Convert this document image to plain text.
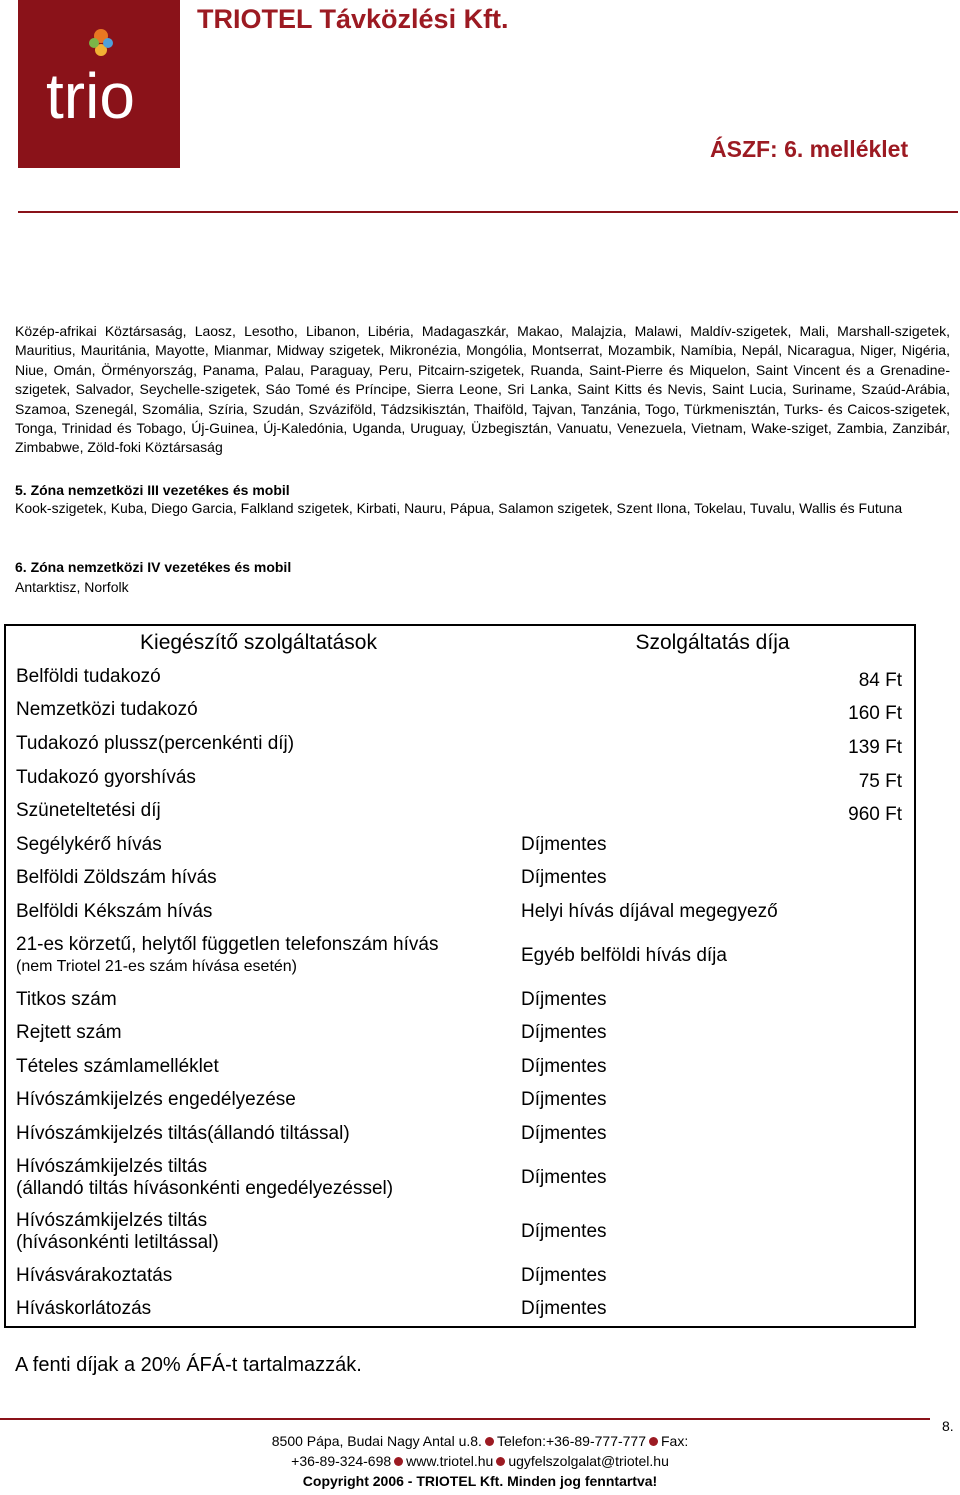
trio
TRIOTEL Távközlési Kft.
ÁSZF: 6. melléklet
Közép-afrikai Köztársaság, Laosz, Lesotho, Libanon, Libéria, Madagaszkár, Makao, Malajzia, Malawi, Maldív-szigetek, Mali, Marshall-szigetek, Mauritius, Mauritánia, Mayotte, Mianmar, Midway szigetek, Mikronézia, Mongólia, Montserrat, Mozambik, Namíbia, Nepál, Nicaragua, Niger, Nigéria, Niue, Omán, Örményország, Panama, Palau, Paraguay, Peru, Pitcairn-szigetek, Ruanda, Saint-Pierre és Miquelon, Saint Vincent és a Grenadine-szigetek, Salvador, Seychelle-szigetek, Sáo Tomé és Príncipe, Sierra Leone, Sri Lanka, Saint Kitts és Nevis, Saint Lucia, Suriname, Szaúd-Arábia, Szamoa, Szenegál, Szomália, Szíria, Szudán, Szváziföld, Tádzsikisztán, Thaiföld, Tajvan, Tanzánia, Togo, Türkmenisztán, Turks- és Caicos-szigetek, Tonga, Trinidad és Tobago, Új-Guinea, Új-Kaledónia, Uganda, Uruguay, Üzbegisztán, Vanuatu, Venezuela, Vietnam, Wake-sziget, Zambia, Zanzibár, Zimbabwe, Zöld-foki Köztársaság
5. Zóna nemzetközi III vezetékes és mobil
Kook-szigetek, Kuba, Diego Garcia, Falkland szigetek, Kirbati, Nauru, Pápua, Salamon szigetek, Szent Ilona, Tokelau, Tuvalu, Wallis és Futuna
6. Zóna nemzetközi IV vezetékes és mobil
Antarktisz, Norfolk
Kiegészítő szolgáltatások	Szolgáltatás díja

Belföldi tudakozó	84 Ft

Nemzetközi tudakozó	160 Ft

Tudakozó plussz(percenkénti díj)	139 Ft

Tudakozó gyorshívás	75 Ft

Szüneteltetési díj	960 Ft

Segélykérő hívás	Díjmentes

Belföldi Zöldszám hívás	Díjmentes

Belföldi Kékszám hívás	Helyi hívás díjával megegyező

21-es körzetű, helytől független telefonszám hívás
(nem Triotel 21-es szám hívása esetén)	Egyéb belföldi hívás díja

Titkos szám	Díjmentes

Rejtett szám	Díjmentes

Tételes számlamelléklet	Díjmentes

Hívószámkijelzés engedélyezése	Díjmentes

Hívószámkijelzés tiltás(állandó tiltással)	Díjmentes

Hívószámkijelzés tiltás
(állandó tiltás hívásonkénti engedélyezéssel)	Díjmentes

Hívószámkijelzés tiltás
(hívásonkénti letiltással)	Díjmentes

Hívásvárakoztatás	Díjmentes

Híváskorlátozás	Díjmentes
A fenti díjak a 20% ÁFÁ-t tartalmazzák.
8.
8500 Pápa, Budai Nagy Antal u.8. Telefon:+36-89-777-777 Fax:
+36-89-324-698 www.triotel.hu ugyfelszolgalat@triotel.hu
Copyright 2006 - TRIOTEL Kft. Minden jog fenntartva!
